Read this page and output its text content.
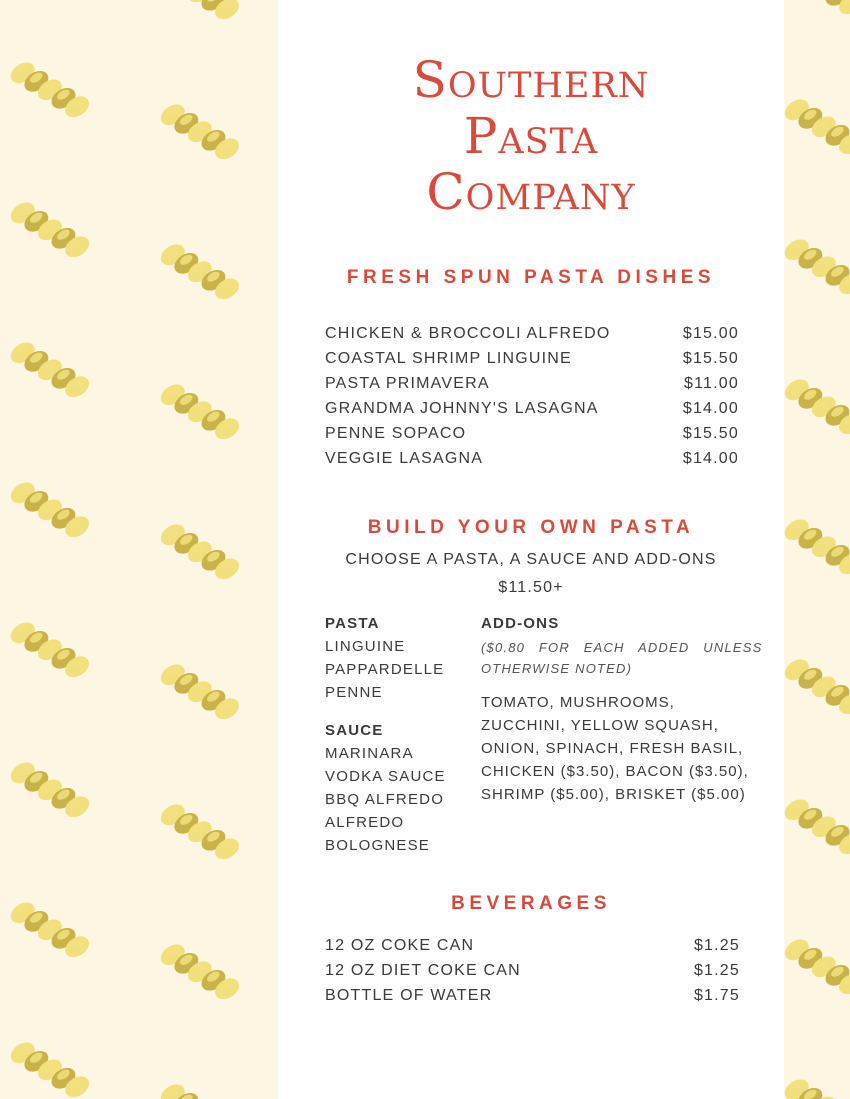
Southern
Pasta
Company
FRESH SPUN PASTA DISHES
CHICKEN & BROCCOLI ALFREDO	$15.00
COASTAL SHRIMP LINGUINE	$15.50
PASTA PRIMAVERA	$11.00
GRANDMA JOHNNY'S LASAGNA	$14.00
PENNE SOPACO	$15.50
VEGGIE LASAGNA	$14.00
BUILD YOUR OWN PASTA
CHOOSE A PASTA, A SAUCE AND ADD-ONS
$11.50+
PASTA
LINGUINE
PAPPARDELLE
PENNE
SAUCE
MARINARA
VODKA SAUCE
BBQ ALFREDO
ALFREDO
BOLOGNESE
ADD-ONS
($0.80 FOR EACH ADDED UNLESS
OTHERWISE NOTED)
TOMATO, MUSHROOMS,
ZUCCHINI, YELLOW SQUASH,
ONION, SPINACH, FRESH BASIL,
CHICKEN ($3.50), BACON ($3.50),
SHRIMP ($5.00), BRISKET ($5.00)
BEVERAGES
12 OZ COKE CAN	$1.25
12 OZ DIET COKE CAN	$1.25
BOTTLE OF WATER	$1.75
